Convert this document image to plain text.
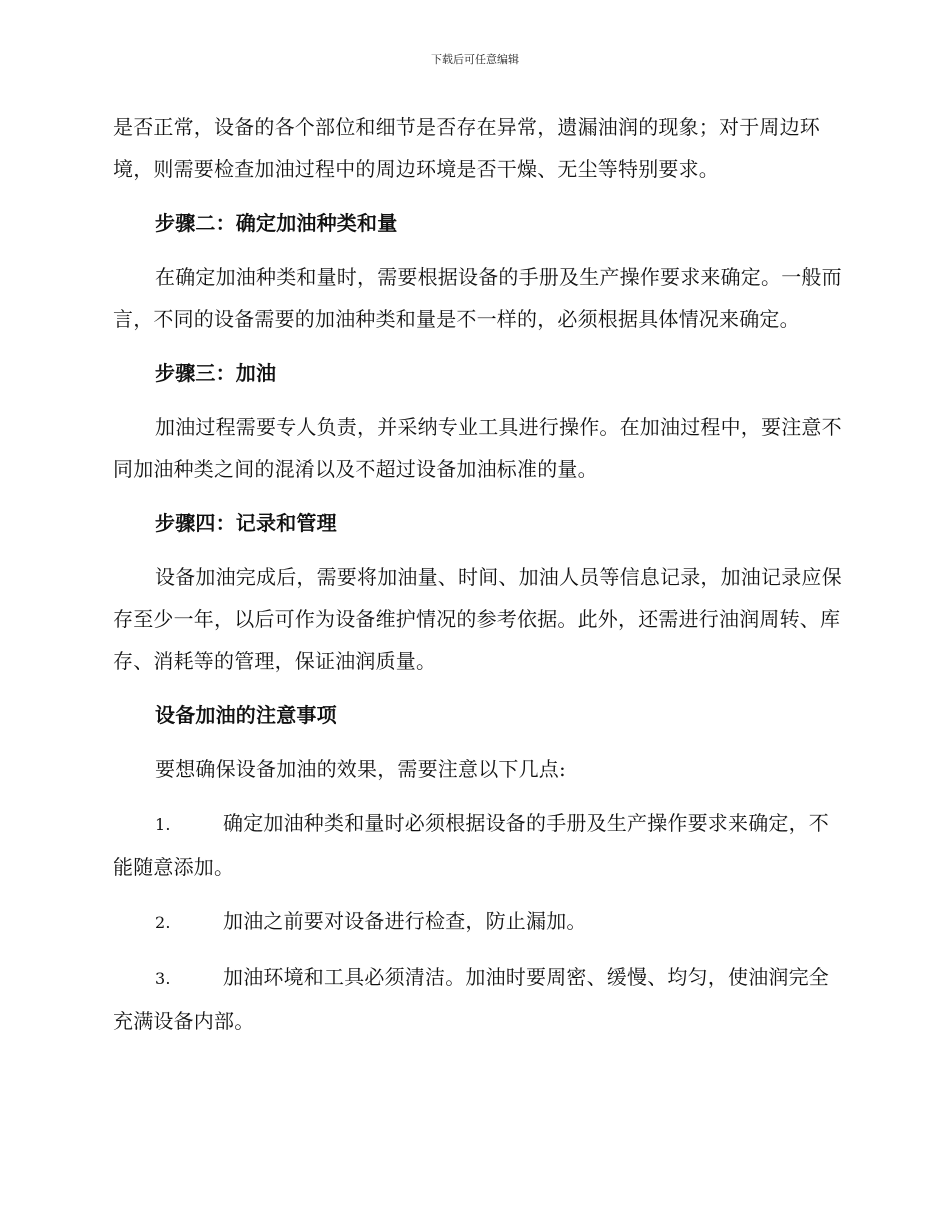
下载后可任意编辑

是否正常，设备的各个部位和细节是否存在异常，遗漏油润的现象；对于周边环境，则需要检查加油过程中的周边环境是否干燥、无尘等特别要求。

步骤二：确定加油种类和量

在确定加油种类和量时，需要根据设备的手册及生产操作要求来确定。一般而言，不同的设备需要的加油种类和量是不一样的，必须根据具体情况来确定。

步骤三：加油

加油过程需要专人负责，并采纳专业工具进行操作。在加油过程中，要注意不同加油种类之间的混淆以及不超过设备加油标准的量。

步骤四：记录和管理

设备加油完成后，需要将加油量、时间、加油人员等信息记录，加油记录应保存至少一年，以后可作为设备维护情况的参考依据。此外，还需进行油润周转、库存、消耗等的管理，保证油润质量。

设备加油的注意事项

要想确保设备加油的效果，需要注意以下几点:

1.	确定加油种类和量时必须根据设备的手册及生产操作要求来确定，不能随意添加。

2.	加油之前要对设备进行检查，防止漏加。

3.	加油环境和工具必须清洁。加油时要周密、缓慢、均匀，使油润完全充满设备内部。
